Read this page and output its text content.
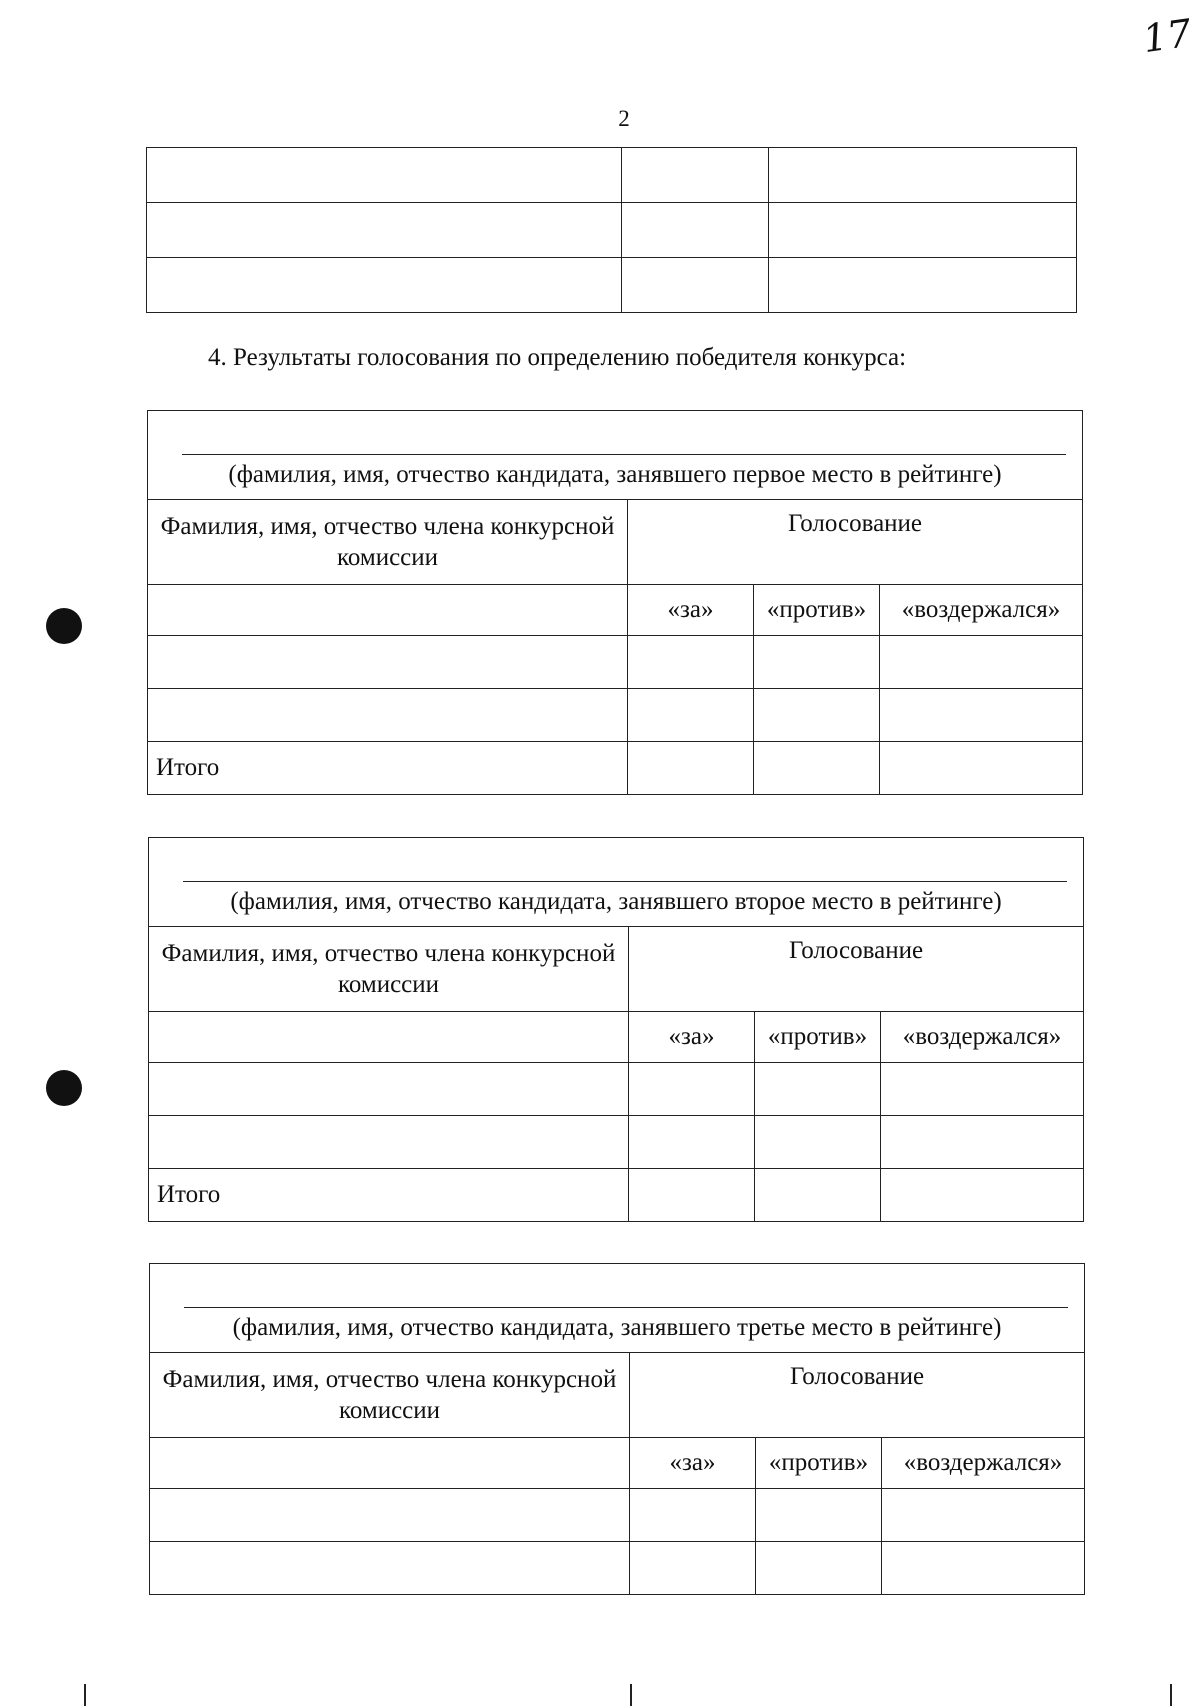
2
17

4. Результаты голосования по определению победителя конкурса:
(фамилия, имя, отчество кандидата, занявшего первое место в рейтинге)			

Фамилия, имя, отчество члена конкурсной комиссии	Голосование		
	«за»	«против»	«воздержался»

Итого			
(фамилия, имя, отчество кандидата, занявшего второе место в рейтинге)			

Фамилия, имя, отчество члена конкурсной комиссии	Голосование		
	«за»	«против»	«воздержался»

Итого			
(фамилия, имя, отчество кандидата, занявшего третье место в рейтинге)			

Фамилия, имя, отчество члена конкурсной комиссии	Голосование		
	«за»	«против»	«воздержался»
